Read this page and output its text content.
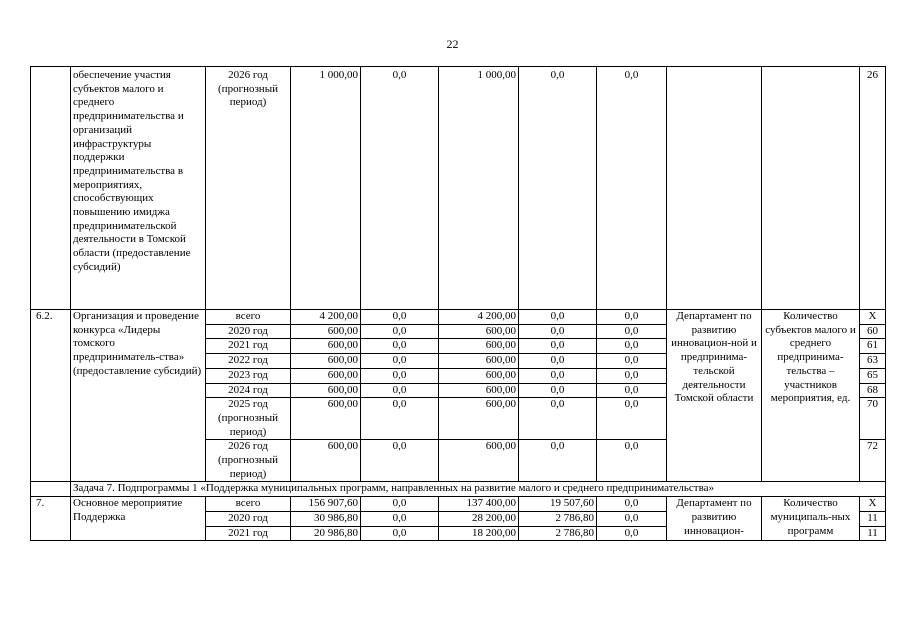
22
	обеспечение участия субъектов малого и среднего предпринимательства и организаций инфраструктуры поддержки предпринимательства в мероприятиях, способствующих повышению имиджа предпринимательской деятельности в Томской области (предоставление субсидий)	2026 год (прогнозный период)	1 000,00	0,0	1 000,00	0,0	0,0			26
6.2.	Организация и проведение конкурса «Лидеры томского предприниматель-ства» (предоставление субсидий)	всего	4 200,00	0,0	4 200,00	0,0	0,0	Департамент по развитию инновацион-ной и предпринима-тельской деятельности Томской области	Количество субъектов малого и среднего предпринима-тельства – участников мероприятия, ед.	X
		2020 год	600,00	0,0	600,00	0,0	0,0			60
		2021 год	600,00	0,0	600,00	0,0	0,0			61
		2022 год	600,00	0,0	600,00	0,0	0,0			63
		2023 год	600,00	0,0	600,00	0,0	0,0			65
		2024 год	600,00	0,0	600,00	0,0	0,0			68
		2025 год (прогнозный период)	600,00	0,0	600,00	0,0	0,0			70
		2026 год (прогнозный период)	600,00	0,0	600,00	0,0	0,0			72
	Задача 7. Подпрограммы 1 «Поддержка муниципальных программ, направленных на развитие малого и среднего предпринимательства»									
7.	Основное мероприятие Поддержка	всего	156 907,60	0,0	137 400,00	19 507,60	0,0	Департамент по развитию инновацион-	Количество муниципаль-ных программ	X
		2020 год	30 986,80	0,0	28 200,00	2 786,80	0,0			11
		2021 год	20 986,80	0,0	18 200,00	2 786,80	0,0			11
